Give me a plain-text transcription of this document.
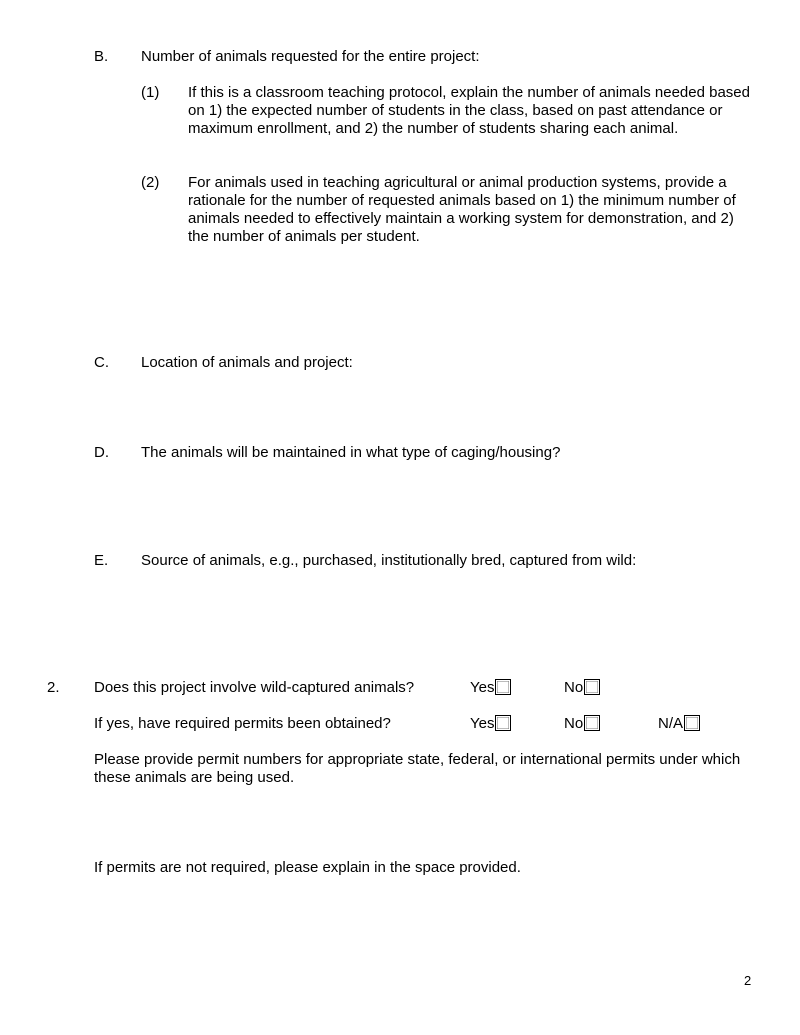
B. Number of animals requested for the entire project:
(1) If this is a classroom teaching protocol, explain the number of animals needed based on 1) the expected number of students in the class, based on past attendance or maximum enrollment, and 2) the number of students sharing each animal.
(2) For animals used in teaching agricultural or animal production systems, provide a rationale for the number of requested animals based on 1) the minimum number of animals needed to effectively maintain a working system for demonstration, and 2) the number of animals per student.
C. Location of animals and project:
D. The animals will be maintained in what type of caging/housing?
E. Source of animals, e.g., purchased, institutionally bred, captured from wild:
2. Does this project involve wild-captured animals?	Yes	No
If yes, have required permits been obtained?	Yes	No	N/A
Please provide permit numbers for appropriate state, federal, or international permits under which these animals are being used.
If permits are not required, please explain in the space provided.
2
